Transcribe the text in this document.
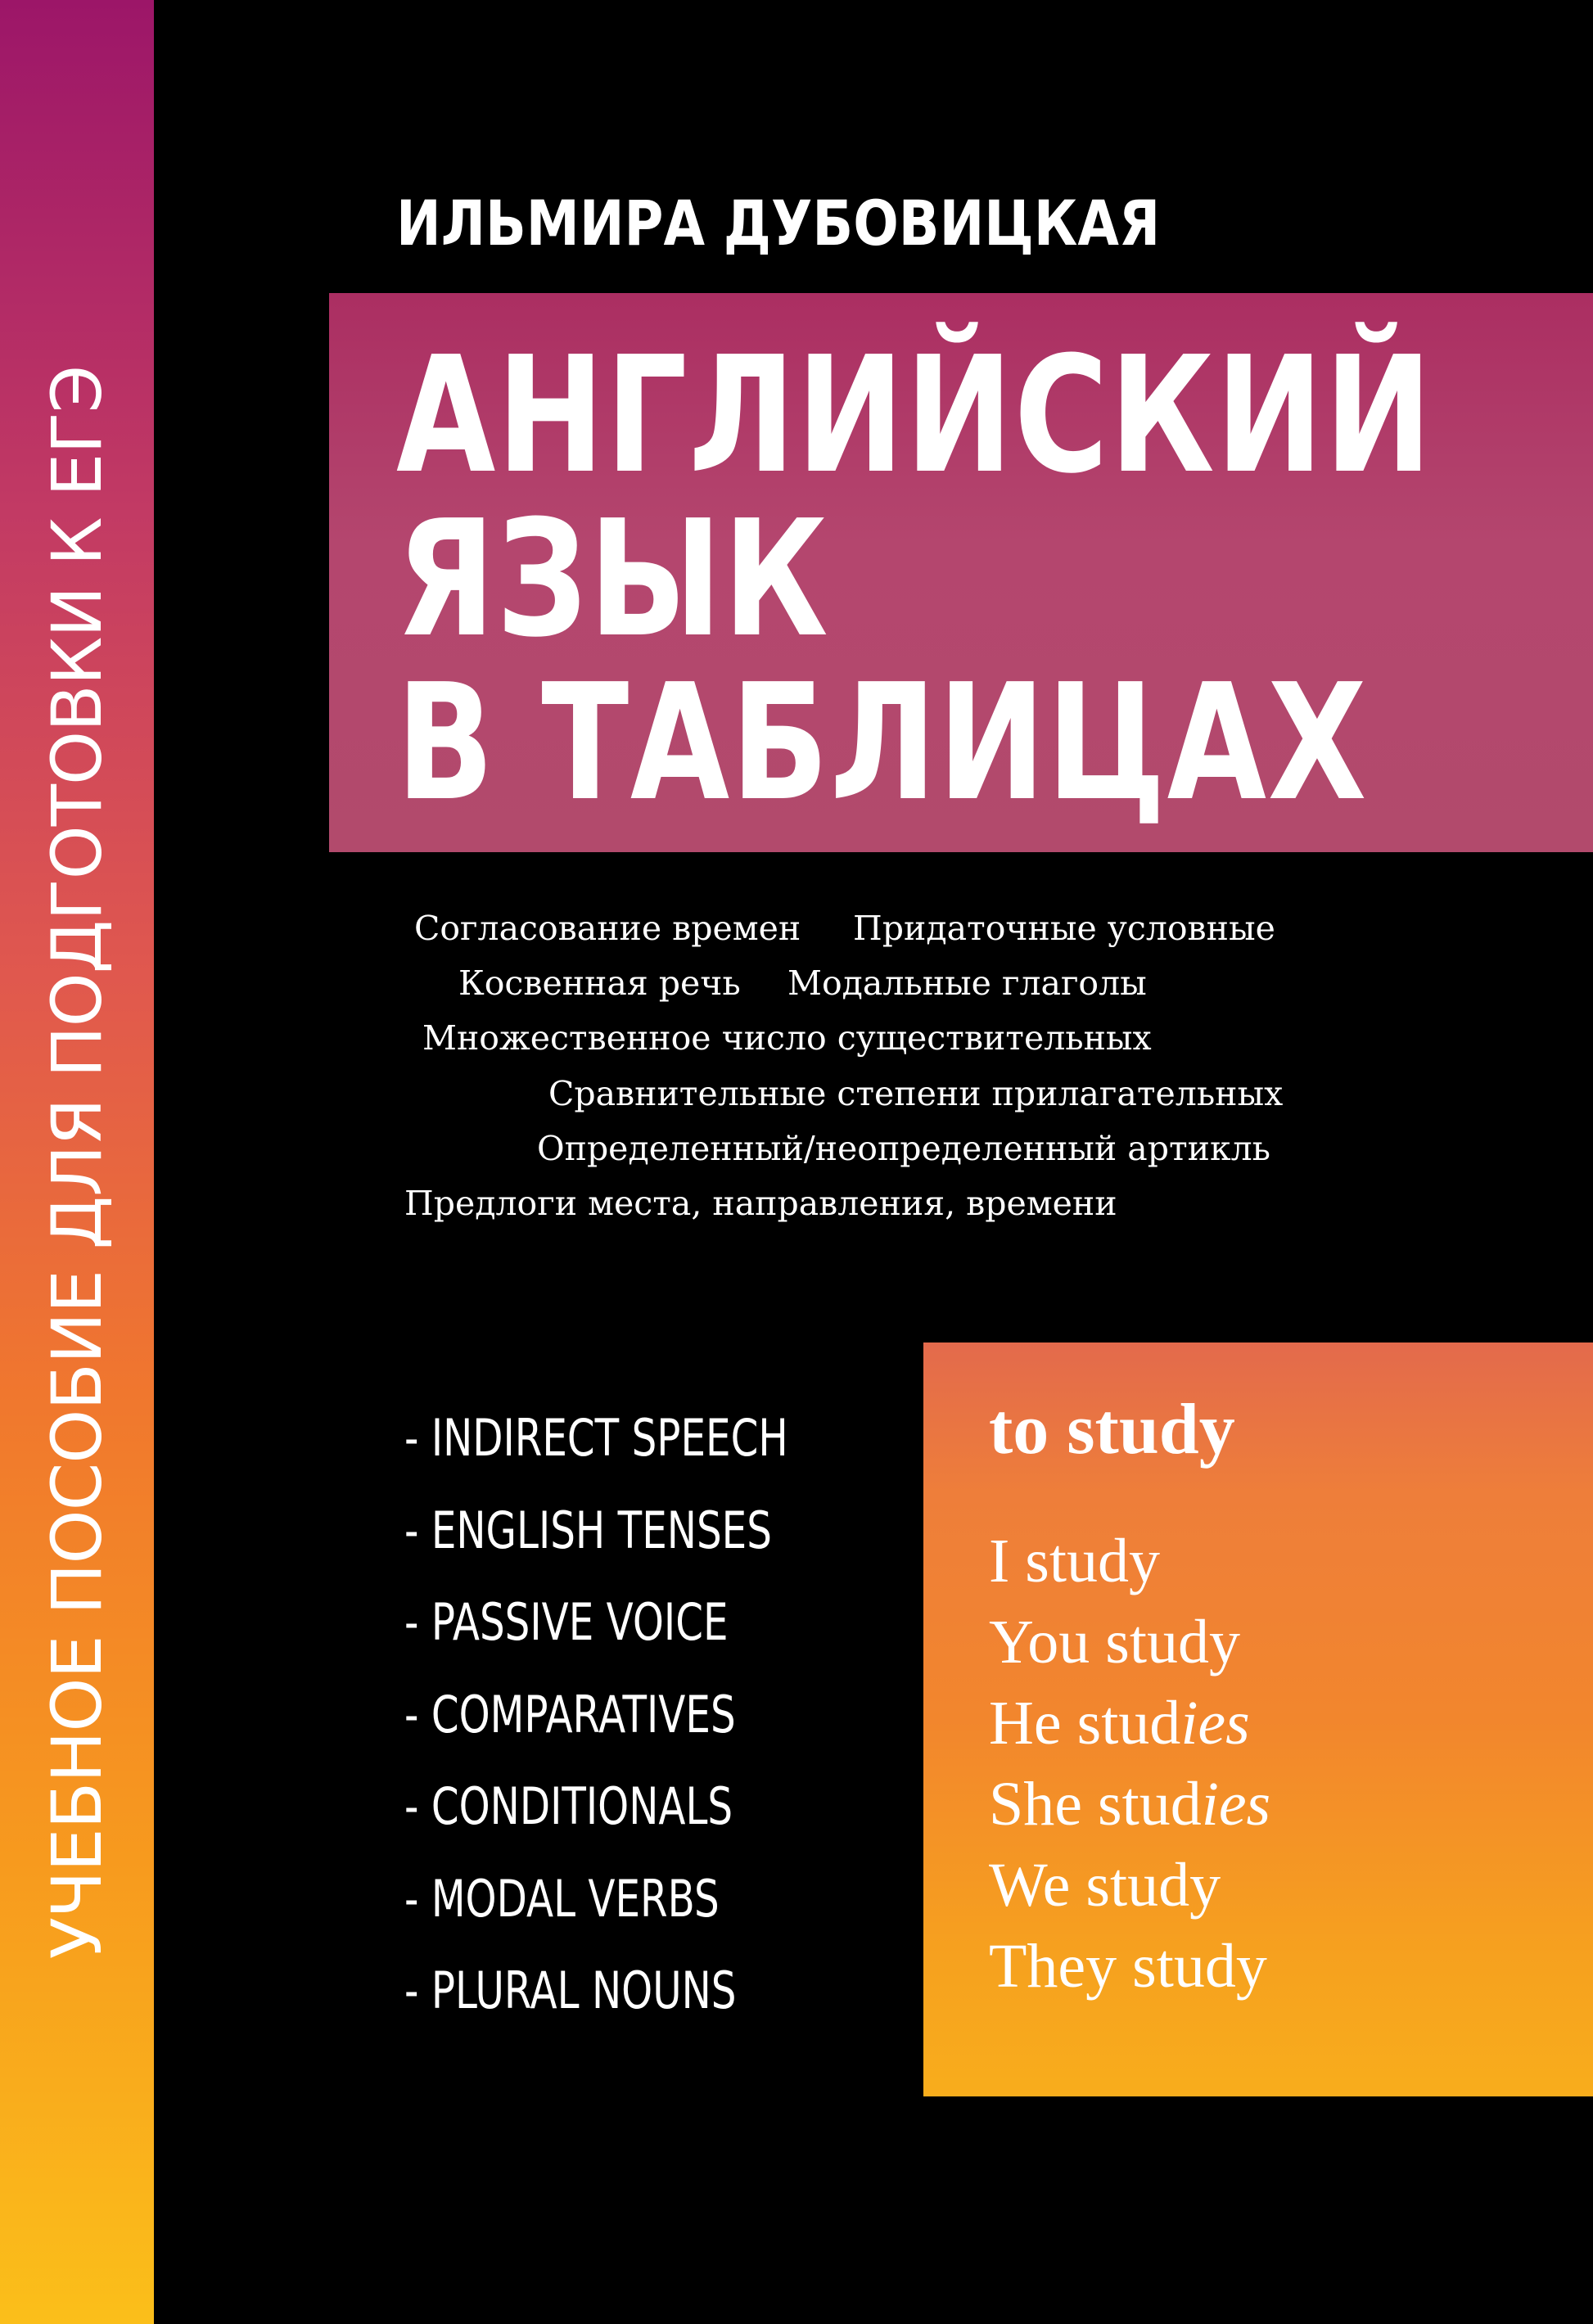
УЧЕБНОЕ ПОСОБИЕ ДЛЯ ПОДГОТОВКИ К ЕГЭ
ИЛЬМИРА ДУБОВИЦКАЯ
АНГЛИЙСКИЙ
ЯЗЫК
В ТАБЛИЦАХ
Согласование времен Придаточные условные
Косвенная речь Модальные глаголы
Множественное число существительных
Сравнительные степени прилагательных
Определенный/неопределенный артикль
Предлоги места, направления, времени
- INDIRECT SPEECH
- ENGLISH TENSES
- PASSIVE VOICE
- COMPARATIVES
- CONDITIONALS
- MODAL VERBS
- PLURAL NOUNS
to study
I study
You study
He studies
She studies
We study
They study
